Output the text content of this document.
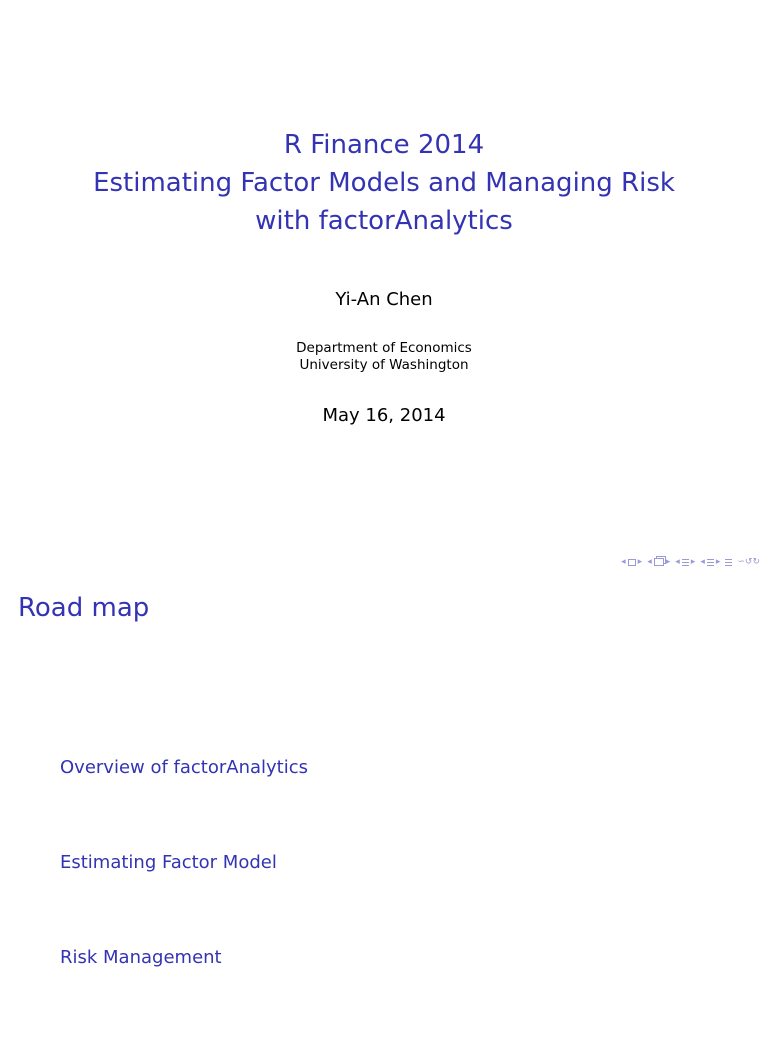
R Finance 2014
Estimating Factor Models and Managing Risk
with factorAnalytics
Yi-An Chen
Department of Economics
University of Washington
May 16, 2014
◂ ▸ ◂ ▸ ◂ ▸ ◂ ▸ ∽↺↻
Road map
Overview of factorAnalytics
Estimating Factor Model
Risk Management
